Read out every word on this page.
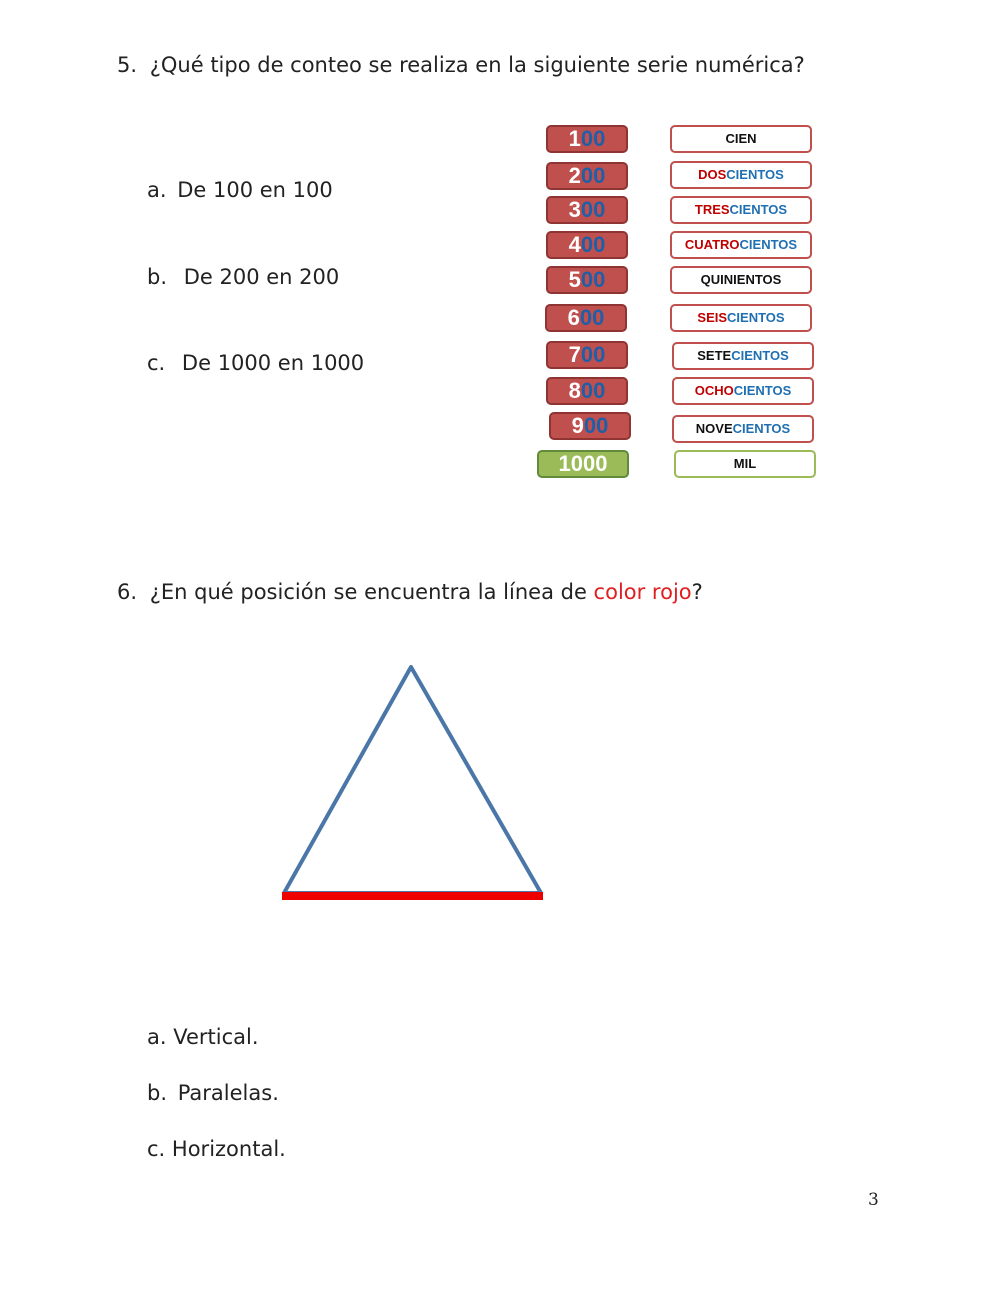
5. ¿Qué tipo de conteo se realiza en la siguiente serie numérica?
a. De 100 en 100
b. De 200 en 200
c. De 1000 en 1000
100
200
300
400
500
600
700
800
900
1000
CIEN
DOSCIENTOS
TRESCIENTOS
CUATROCIENTOS
QUINIENTOS
SEISCIENTOS
SETECIENTOS
OCHOCIENTOS
NOVECIENTOS
MIL
6. ¿En qué posición se encuentra la línea de color rojo?
a. Vertical.
b. Paralelas.
c. Horizontal.
3
